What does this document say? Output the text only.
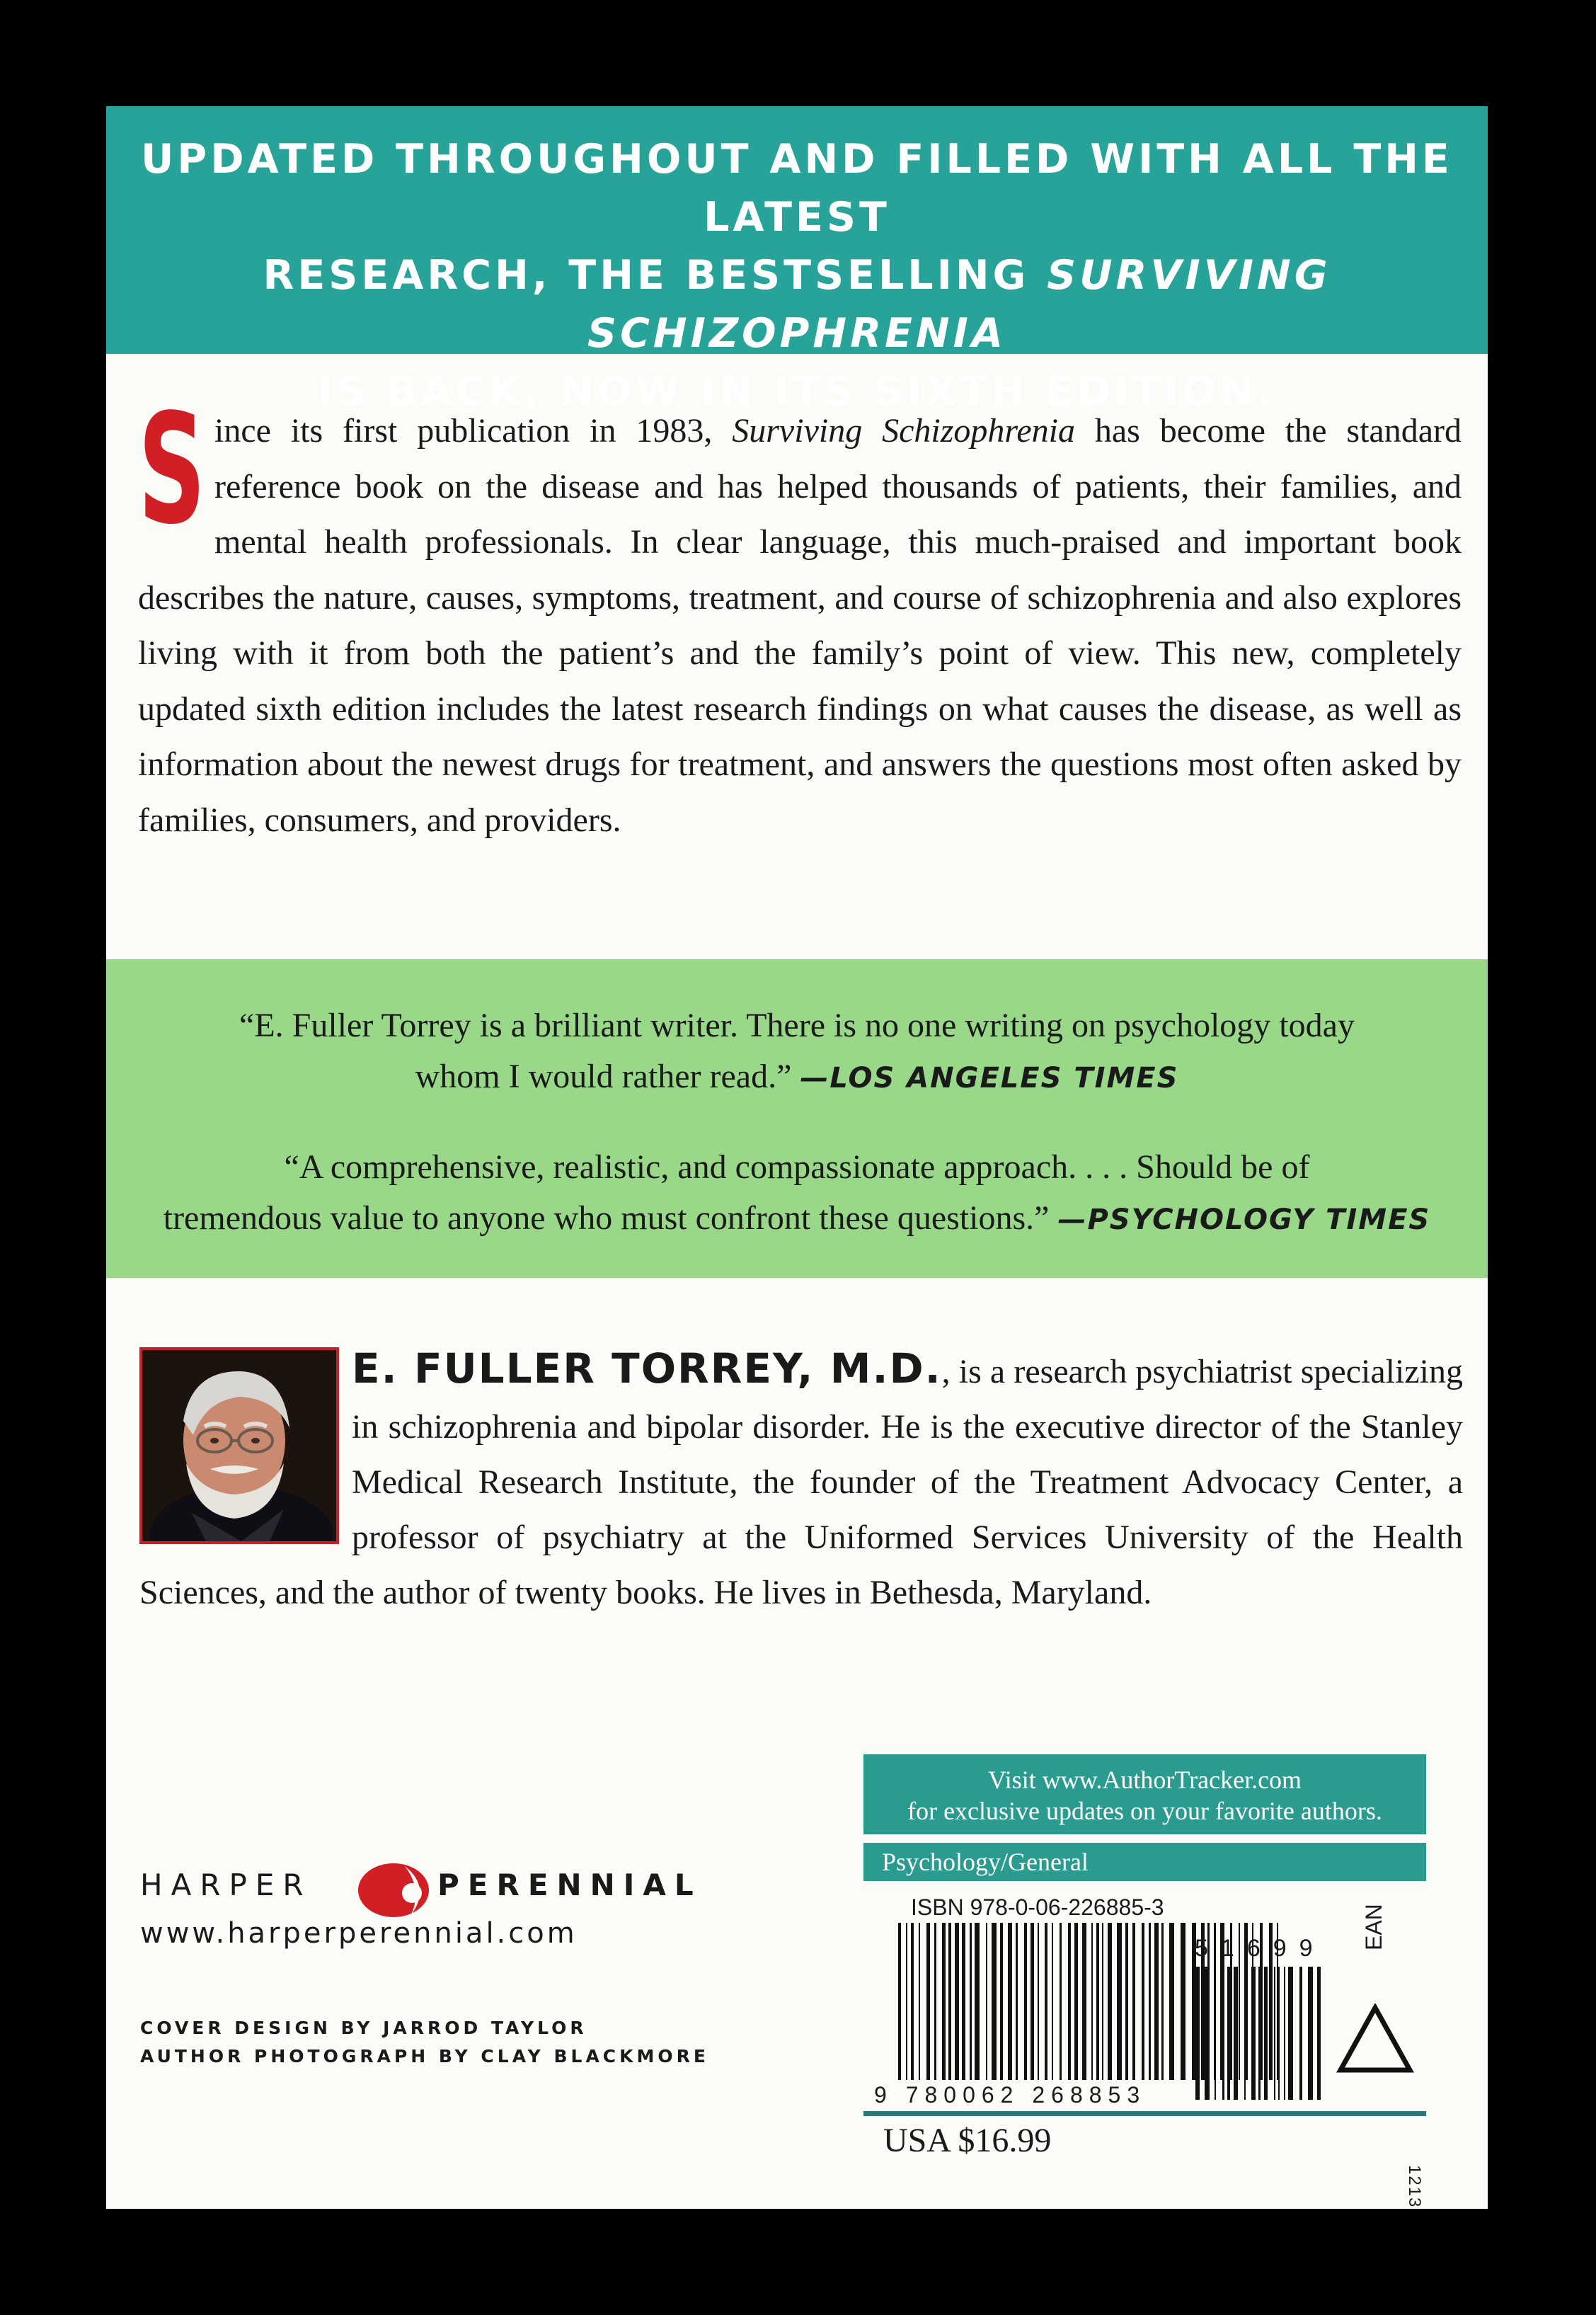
UPDATED THROUGHOUT AND FILLED WITH ALL THE LATEST
RESEARCH, THE BESTSELLING SURVIVING SCHIZOPHRENIA
IS BACK, NOW IN ITS SIXTH EDITION.
Since its first publication in 1983, Surviving Schizophrenia has become the standard reference book on the disease and has helped thousands of patients, their families, and mental health professionals. In clear language, this much-praised and important book describes the nature, causes, symptoms, treatment, and course of schizophrenia and also explores living with it from both the patient’s and the family’s point of view. This new, completely updated sixth edition includes the latest research findings on what causes the disease, as well as information about the newest drugs for treatment, and answers the questions most often asked by families, consumers, and providers.
“E. Fuller Torrey is a brilliant writer. There is no one writing on psychology today
whom I would rather read.” —LOS ANGELES TIMES
“A comprehensive, realistic, and compassionate approach. . . . Should be of
tremendous value to anyone who must confront these questions.” —PSYCHOLOGY TIMES
E. FULLER TORREY, M.D., is a research psychiatrist specializing in schizophrenia and bipolar disorder. He is the executive director of the Stanley Medical Research Institute, the founder of the Treatment Advocacy Center, a professor of psychiatry at the Uniformed Services University of the Health Sciences, and the author of twenty books. He lives in Bethesda, Maryland.
HARPER	PERENNIAL
www.harperperennial.com
COVER DESIGN BY JARROD TAYLOR
AUTHOR PHOTOGRAPH BY CLAY BLACKMORE
Visit www.AuthorTracker.com
for exclusive updates on your favorite authors.
Psychology/General
ISBN 978-0-06-226885-3
9 780062 268853
51699 EAN
USA $16.99
1213
